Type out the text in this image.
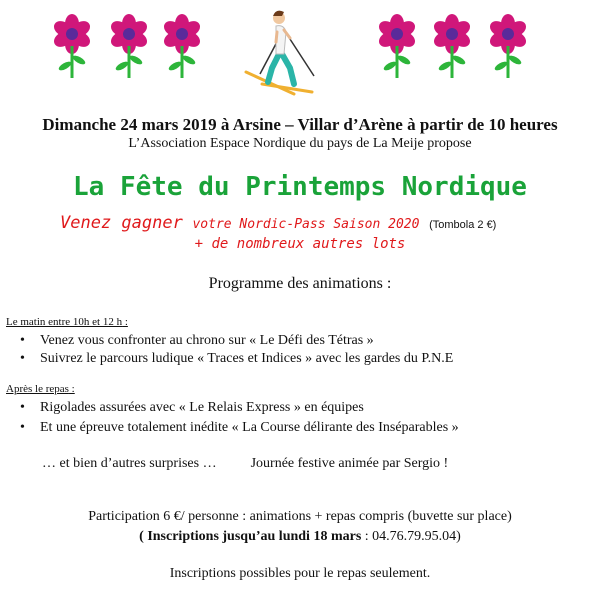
Dimanche 24 mars 2019 à Arsine – Villar d’Arène à partir de 10 heures
L’Association Espace Nordique du pays de La Meije propose
La Fête du Printemps Nordique
Venez gagner votre Nordic-Pass Saison 2020 (Tombola 2 €)
+ de nombreux autres lots
Programme des animations :
Le matin entre 10h et 12 h :
• Venez vous confronter au chrono sur « Le Défi des Tétras »
• Suivrez le parcours ludique « Traces et Indices » avec les gardes du P.N.E
Après le repas :
• Rigolades assurées avec « Le Relais Express » en équipes
• Et une épreuve totalement inédite « La Course délirante des Inséparables »
… et bien d’autres surprises … Journée festive animée par Sergio !
Participation 6 €/ personne : animations + repas compris (buvette sur place)
( Inscriptions jusqu’au lundi 18 mars : 04.76.79.95.04)
Inscriptions possibles pour le repas seulement.
